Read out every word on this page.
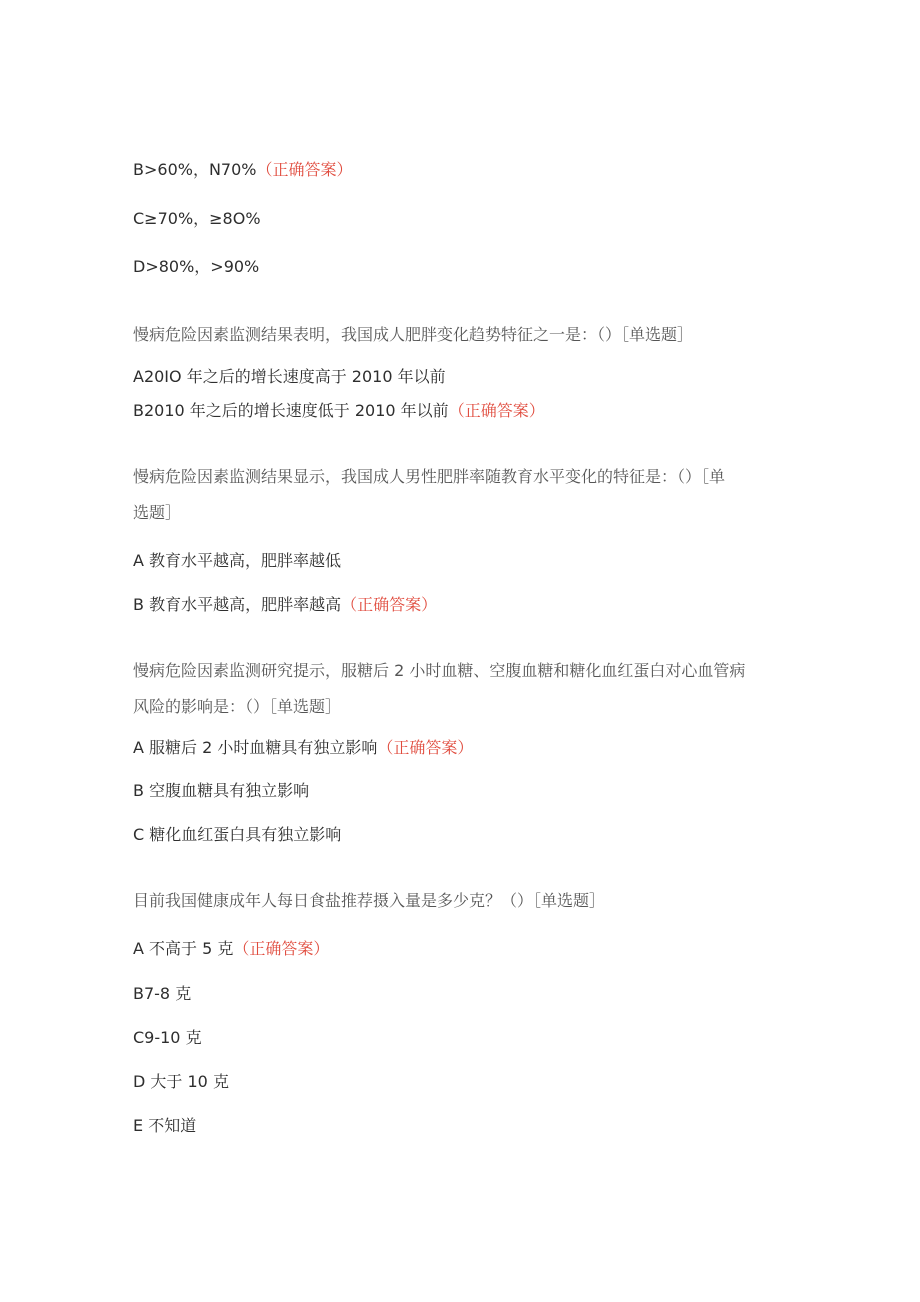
B>60%，N70%（正确答案）
C≥70%，≥8O%
D>80%，>90%
慢病危险因素监测结果表明，我国成人肥胖变化趋势特征之一是：（）［单选题］
A20IO 年之后的增长速度高于 2010 年以前
B2010 年之后的增长速度低于 2010 年以前（正确答案）
慢病危险因素监测结果显示，我国成人男性肥胖率随教育水平变化的特征是：（）［单
选题］
A 教育水平越高，肥胖率越低
B 教育水平越高，肥胖率越高（正确答案）
慢病危险因素监测研究提示，服糖后 2 小时血糖、空腹血糖和糖化血红蛋白对心血管病
风险的影响是：（）［单选题］
A 服糖后 2 小时血糖具有独立影响（正确答案）
B 空腹血糖具有独立影响
C 糖化血红蛋白具有独立影响
目前我国健康成年人每日食盐推荐摄入量是多少克？（）［单选题］
A 不高于 5 克（正确答案）
B7-8 克
C9-10 克
D 大于 10 克
E 不知道
